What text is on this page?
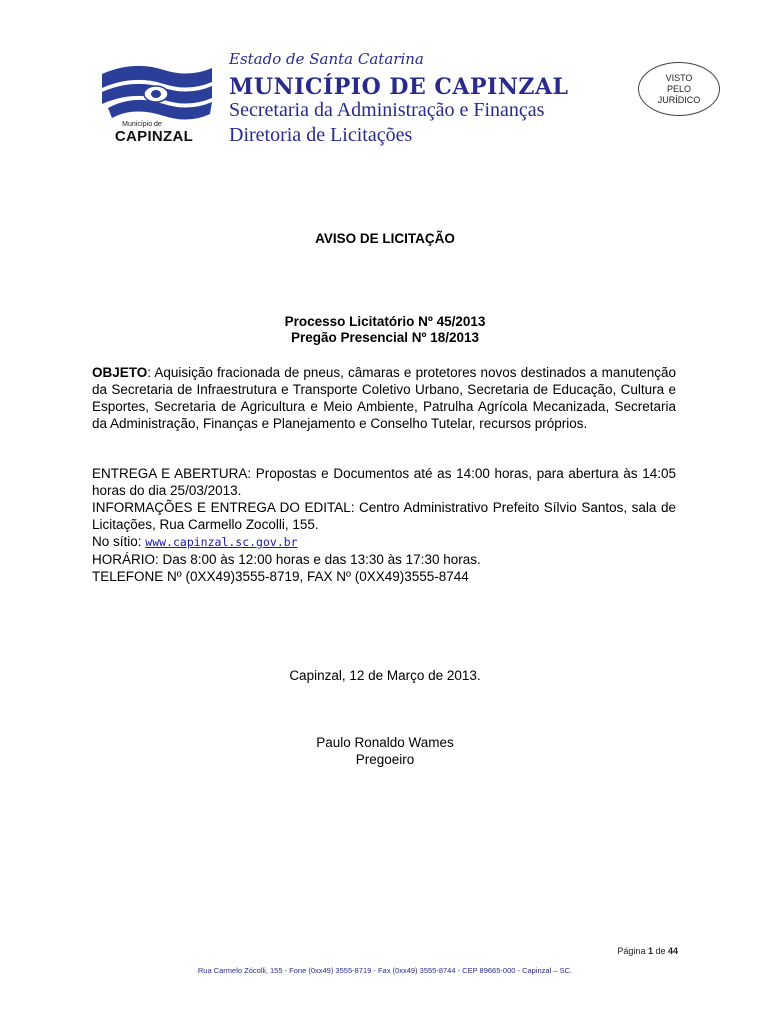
Município de
CAPINZAL
Estado de Santa Catarina
MUNICÍPIO DE CAPINZAL
Secretaria da Administração e Finanças
Diretoria de Licitações
VISTO
PELO
JURÍDICO
AVISO DE LICITAÇÃO
Processo Licitatório Nº 45/2013
Pregão Presencial Nº 18/2013
OBJETO: Aquisição fracionada de pneus, câmaras e protetores novos destinados a manutenção da Secretaria de Infraestrutura e Transporte Coletivo Urbano, Secretaria de Educação, Cultura e Esportes, Secretaria de Agricultura e Meio Ambiente, Patrulha Agrícola Mecanizada, Secretaria da Administração, Finanças e Planejamento e Conselho Tutelar, recursos próprios.
ENTREGA E ABERTURA: Propostas e Documentos até as 14:00 horas, para abertura às 14:05 horas do dia 25/03/2013.
INFORMAÇÕES E ENTREGA DO EDITAL: Centro Administrativo Prefeito Sílvio Santos, sala de Licitações, Rua Carmello Zocolli, 155.
No sítio: www.capinzal.sc.gov.br
HORÁRIO: Das 8:00 às 12:00 horas e das 13:30 às 17:30 horas.
TELEFONE Nº (0XX49)3555-8719, FAX Nº (0XX49)3555-8744
Capinzal, 12 de Março de 2013.
Paulo Ronaldo Wames
Pregoeiro
Página 1 de 44
Rua Carmelo Zócolli, 155 - Fone (0xx49) 3555-8719 - Fax (0xx49) 3555-8744 - CEP 89665-000 - Capinzal – SC.
